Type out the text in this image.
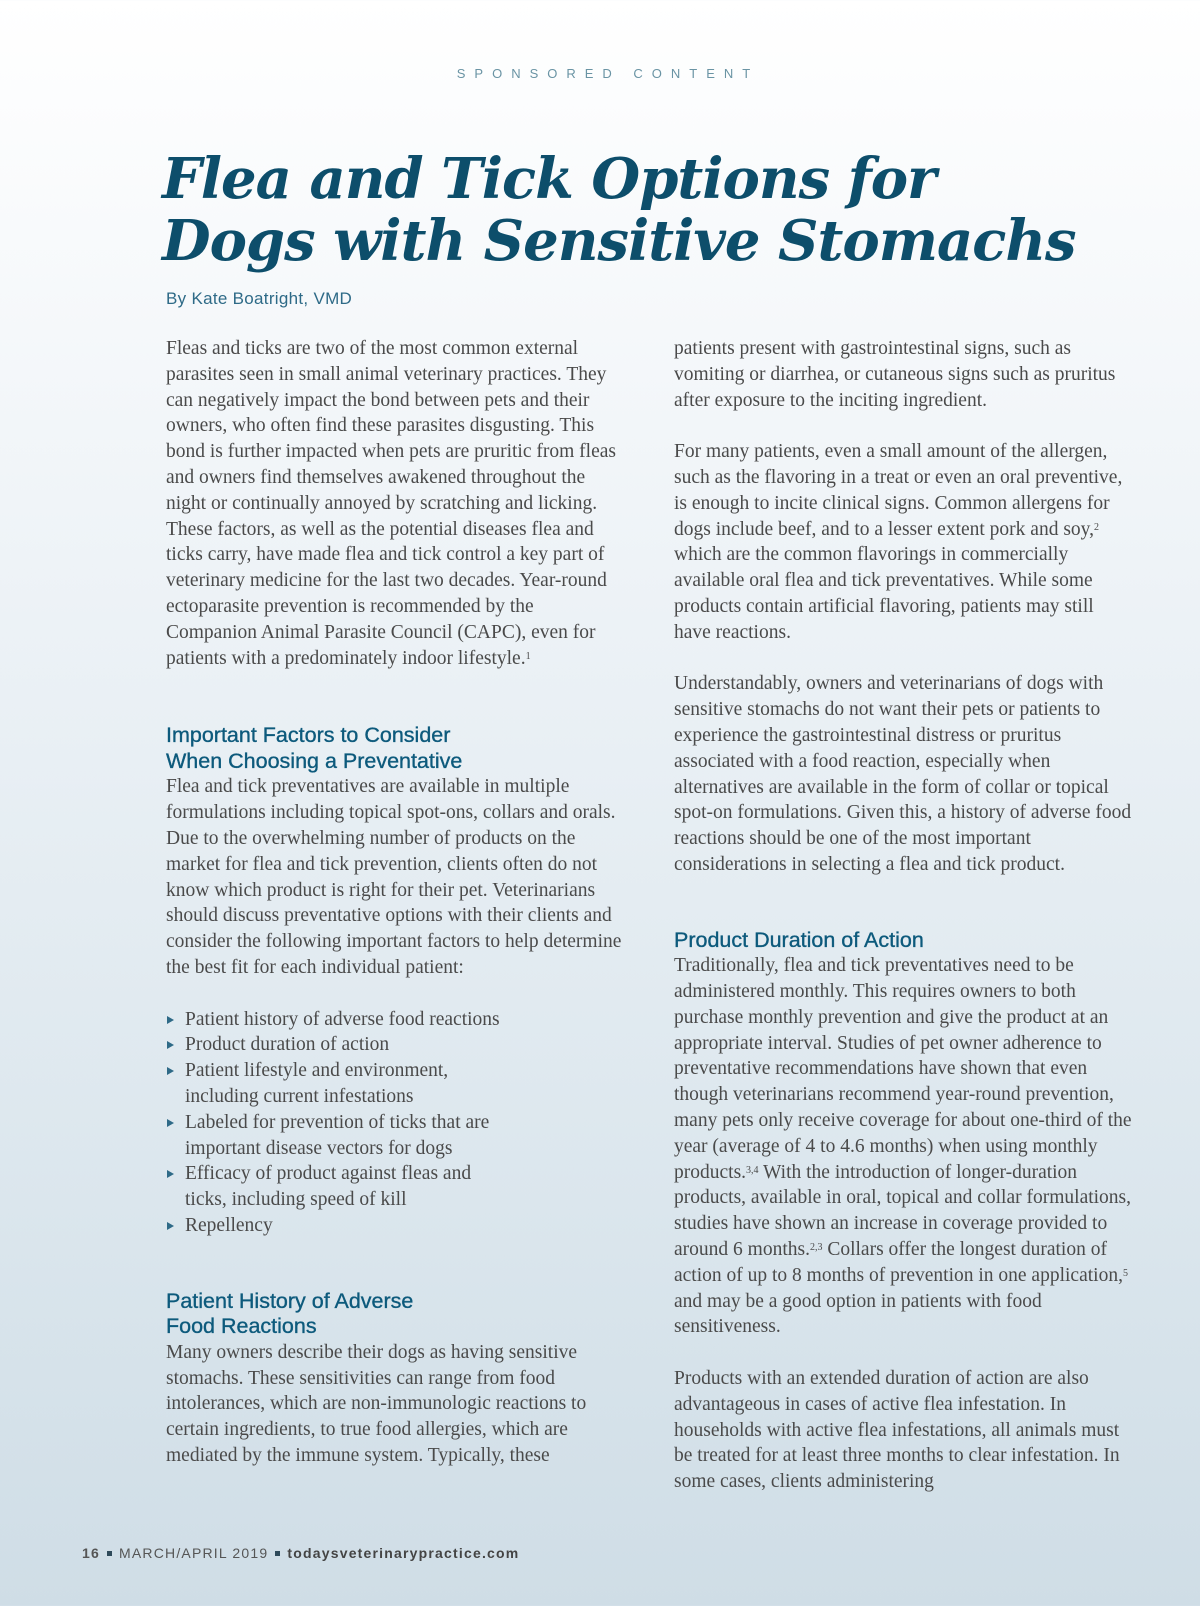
SPONSORED CONTENT
Flea and Tick Options for
Dogs with Sensitive Stomachs
By Kate Boatright, VMD

Fleas and ticks are two of the most common external parasites seen in small animal veterinary practices. They can negatively impact the bond between pets and their owners, who often find these parasites disgusting. This bond is further impacted when pets are pruritic from fleas and owners find themselves awakened throughout the night or continually annoyed by scratching and licking. These factors, as well as the potential diseases flea and ticks carry, have made flea and tick control a key part of veterinary medicine for the last two decades. Year-round ectoparasite prevention is recommended by the Companion Animal Parasite Council (CAPC), even for patients with a predominately indoor lifestyle.$^1$

Important Factors to Consider
When Choosing a Preventative

Flea and tick preventatives are available in multiple formulations including topical spot-ons, collars and orals. Due to the overwhelming number of products on the market for flea and tick prevention, clients often do not know which product is right for their pet. Veterinarians should discuss preventative options with their clients and consider the following important factors to help determine the best fit for each individual patient:

Patient history of adverse food reactions
Product duration of action
Patient lifestyle and environment, including current infestations
Labeled for prevention of ticks that are important disease vectors for dogs
Efficacy of product against fleas and ticks, including speed of kill
Repellency
Patient History of Adverse
Food Reactions

Many owners describe their dogs as having sensitive stomachs. These sensitivities can range from food intolerances, which are non-immunologic reactions to certain ingredients, to true food allergies, which are mediated by the immune system. Typically, these

patients present with gastrointestinal signs, such as vomiting or diarrhea, or cutaneous signs such as pruritus after exposure to the inciting ingredient.

For many patients, even a small amount of the allergen, such as the flavoring in a treat or even an oral preventive, is enough to incite clinical signs. Common allergens for dogs include beef, and to a lesser extent pork and soy,$^2$ which are the common flavorings in commercially available oral flea and tick preventatives. While some products contain artificial flavoring, patients may still have reactions.

Understandably, owners and veterinarians of dogs with sensitive stomachs do not want their pets or patients to experience the gastrointestinal distress or pruritus associated with a food reaction, especially when alternatives are available in the form of collar or topical spot-on formulations. Given this, a history of adverse food reactions should be one of the most important considerations in selecting a flea and tick product.

Product Duration of Action

Traditionally, flea and tick preventatives need to be administered monthly. This requires owners to both purchase monthly prevention and give the product at an appropriate interval. Studies of pet owner adherence to preventative recommendations have shown that even though veterinarians recommend year-round prevention, many pets only receive coverage for about one-third of the year (average of 4 to 4.6 months) when using monthly products.$^{3,4}$ With the introduction of longer-duration products, available in oral, topical and collar formulations, studies have shown an increase in coverage provided to around 6 months.$^{2,3}$ Collars offer the longest duration of action of up to 8 months of prevention in one application,$^5$ and may be a good option in patients with food sensitiveness.

Products with an extended duration of action are also advantageous in cases of active flea infestation. In households with active flea infestations, all animals must be treated for at least three months to clear infestation. In some cases, clients administering

16 MARCH/APRIL 2019 todaysveterinarypractice.com
